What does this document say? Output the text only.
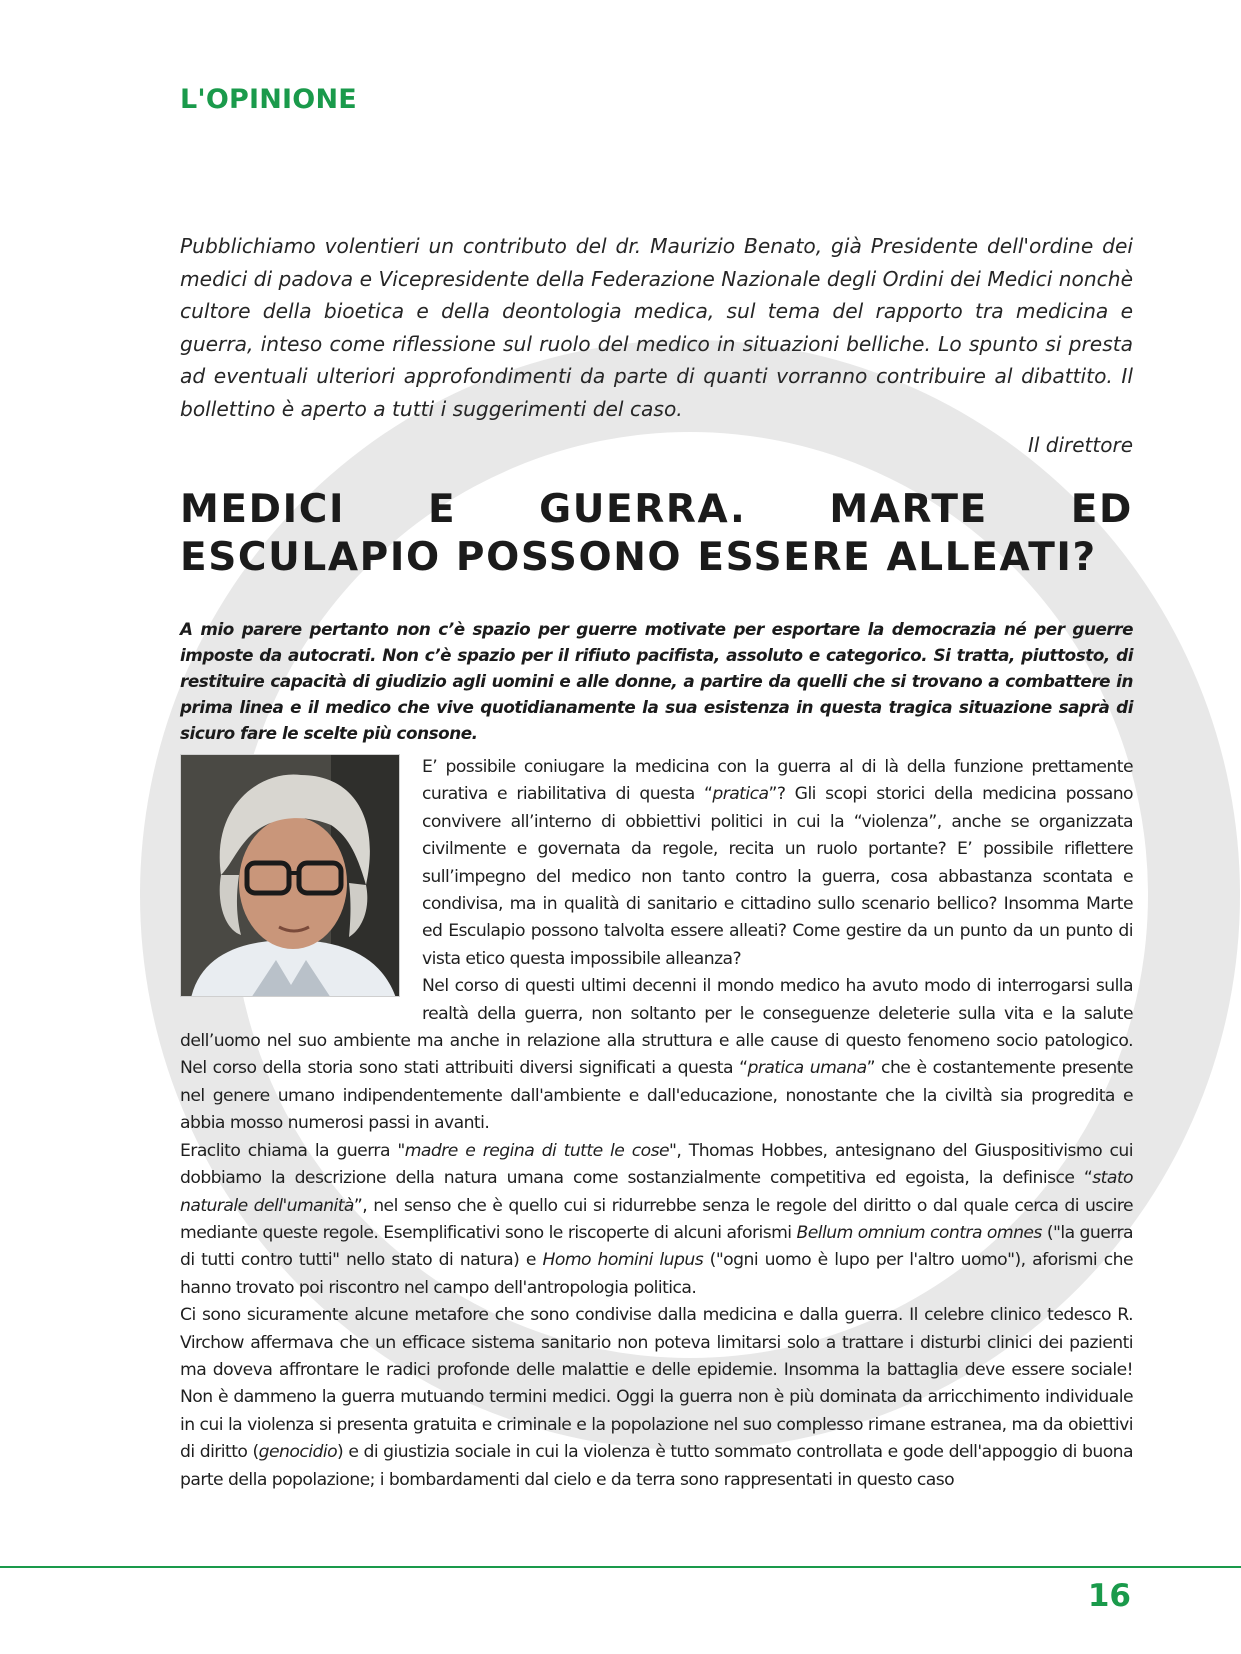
L'OPINIONE

Pubblichiamo volentieri un contributo del dr. Maurizio Benato, già Presidente dell'ordine dei medici di padova e Vicepresidente della Federazione Nazionale degli Ordini dei Medici nonchè cultore della bioetica e della deontologia medica, sul tema del rapporto tra medicina e guerra, inteso come riflessione sul ruolo del medico in situazioni belliche. Lo spunto si presta ad eventuali ulteriori approfondimenti da parte di quanti vorranno contribuire al dibattito. Il bollettino è aperto a tutti i suggerimenti del caso.

Il direttore

MEDICI E GUERRA. MARTE ED ESCULAPIO POSSONO ESSERE ALLEATI?

A mio parere pertanto non c’è spazio per guerre motivate per esportare la democrazia né per guerre imposte da autocrati. Non c’è spazio per il rifiuto pacifista, assoluto e categorico. Si tratta, piuttosto, di restituire capacità di giudizio agli uomini e alle donne, a partire da quelli che si trovano a combattere in prima linea e il medico che vive quotidianamente la sua esistenza in questa tragica situazione saprà di sicuro fare le scelte più consone.

E’ possibile coniugare la medicina con la guerra al di là della funzione prettamente curativa e riabilitativa di questa “pratica”? Gli scopi storici della medicina possano convivere all’interno di obbiettivi politici in cui la “violenza”, anche se organizzata civilmente e governata da regole, recita un ruolo portante? E’ possibile riflettere sull’impegno del medico non tanto contro la guerra, cosa abbastanza scontata e condivisa, ma in qualità di sanitario e cittadino sullo scenario bellico? Insomma Marte ed Esculapio possono talvolta essere alleati? Come gestire da un punto da un punto di vista etico questa impossibile alleanza?

Nel corso di questi ultimi decenni il mondo medico ha avuto modo di interrogarsi sulla realtà della guerra, non soltanto per le conseguenze deleterie sulla vita e la salute dell’uomo nel suo ambiente ma anche in relazione alla struttura e alle cause di questo fenomeno socio patologico. Nel corso della storia sono stati attribuiti diversi significati a questa “pratica umana” che è costantemente presente nel genere umano indipendentemente dall'ambiente e dall'educazione, nonostante che la civiltà sia progredita e abbia mosso numerosi passi in avanti.

Eraclito chiama la guerra "madre e regina di tutte le cose", Thomas Hobbes, antesignano del Giuspositivismo cui dobbiamo la descrizione della natura umana come sostanzialmente competitiva ed egoista, la definisce “stato naturale dell'umanità”, nel senso che è quello cui si ridurrebbe senza le regole del diritto o dal quale cerca di uscire mediante queste regole. Esemplificativi sono le riscoperte di alcuni aforismi Bellum omnium contra omnes ("la guerra di tutti contro tutti" nello stato di natura) e Homo homini lupus ("ogni uomo è lupo per l'altro uomo"), aforismi che hanno trovato poi riscontro nel campo dell'antropologia politica.

Ci sono sicuramente alcune metafore che sono condivise dalla medicina e dalla guerra. Il celebre clinico tedesco R. Virchow affermava che un efficace sistema sanitario non poteva limitarsi solo a trattare i disturbi clinici dei pazienti ma doveva affrontare le radici profonde delle malattie e delle epidemie. Insomma la battaglia deve essere sociale! Non è dammeno la guerra mutuando termini medici. Oggi la guerra non è più dominata da arricchimento individuale in cui la violenza si presenta gratuita e criminale e la popolazione nel suo complesso rimane estranea, ma da obiettivi di diritto (genocidio) e di giustizia sociale in cui la violenza è tutto sommato controllata e gode dell'appoggio di buona parte della popolazione; i bombardamenti dal cielo e da terra sono rappresentati in questo caso

16
